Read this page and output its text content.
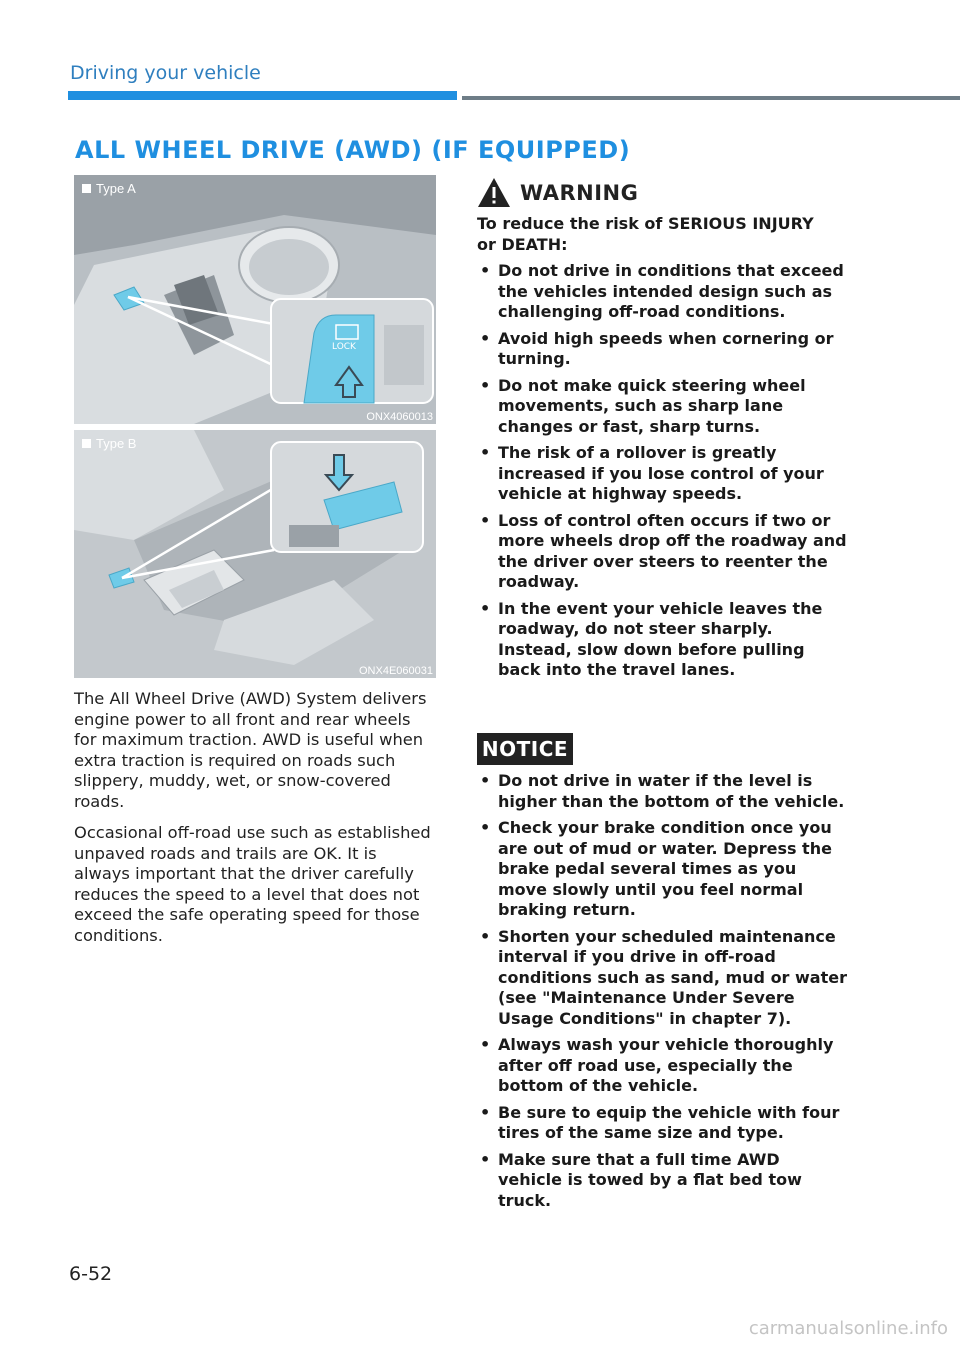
Driving your vehicle
ALL WHEEL DRIVE (AWD) (IF EQUIPPED)
LOCK
Type A
ONX4060013
Type B
ONX4E060031
The All Wheel Drive (AWD) System delivers engine power to all front and rear wheels for maximum traction. AWD is useful when extra traction is required on roads such slippery, muddy, wet, or snow-covered roads.
Occasional off-road use such as established unpaved roads and trails are OK. It is always important that the driver carefully reduces the speed to a level that does not exceed the safe operating speed for those conditions.
WARNING
To reduce the risk of SERIOUS INJURY or DEATH:
• Do not drive in conditions that exceed the vehicles intended design such as challenging off-road conditions.
• Avoid high speeds when cornering or turning.
• Do not make quick steering wheel movements, such as sharp lane changes or fast, sharp turns.
• The risk of a rollover is greatly increased if you lose control of your vehicle at highway speeds.
• Loss of control often occurs if two or more wheels drop off the roadway and the driver over steers to reenter the roadway.
• In the event your vehicle leaves the roadway, do not steer sharply. Instead, slow down before pulling back into the travel lanes.
NOTICE
• Do not drive in water if the level is higher than the bottom of the vehicle.
• Check your brake condition once you are out of mud or water. Depress the brake pedal several times as you move slowly until you feel normal braking return.
• Shorten your scheduled maintenance interval if you drive in off-road conditions such as sand, mud or water (see "Maintenance Under Severe Usage Conditions" in chapter 7).
• Always wash your vehicle thoroughly after off road use, especially the bottom of the vehicle.
• Be sure to equip the vehicle with four tires of the same size and type.
• Make sure that a full time AWD vehicle is towed by a flat bed tow truck.
6-52
carmanualsonline.info
